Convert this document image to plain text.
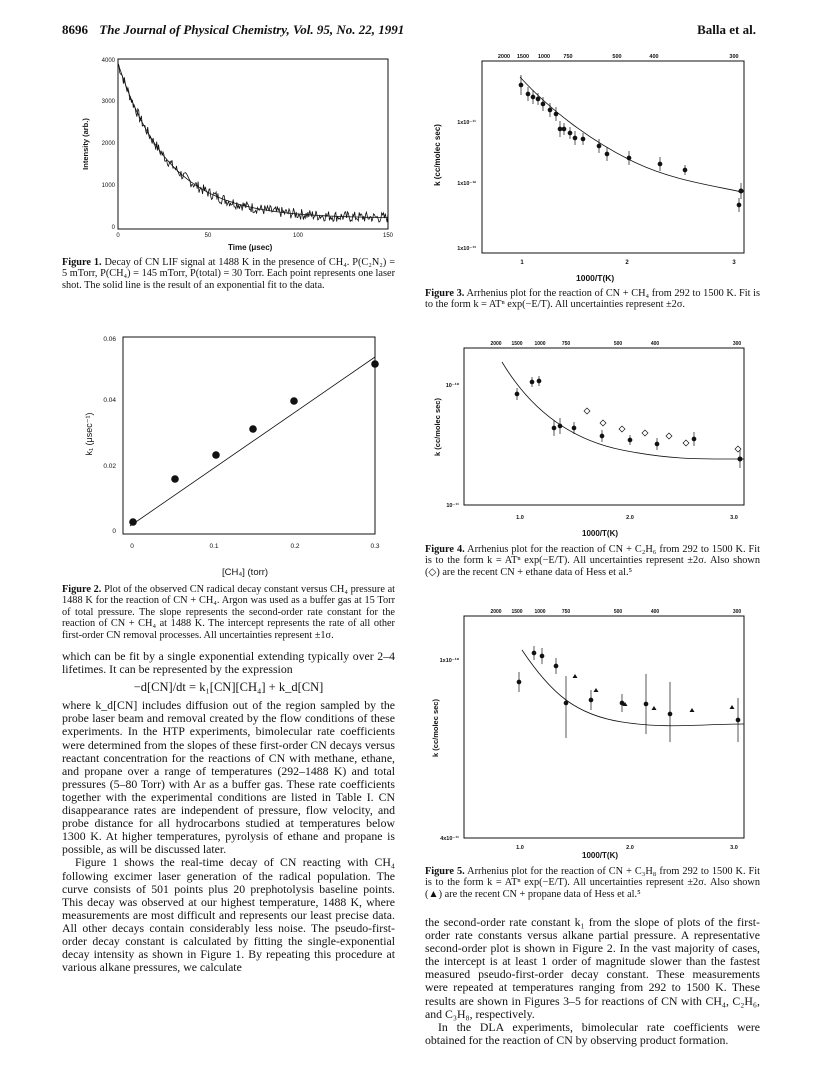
8696 The Journal of Physical Chemistry, Vol. 95, No. 22, 1991	Balla et al.
4000
3000
2000
1000
0
0	50	100	150
Intensity (arb.)
Time (μsec)
Figure 1. Decay of CN LIF signal at 1488 K in the presence of CH₄. P(C₂N₂) = 5 mTorr, P(CH₄) = 145 mTorr, P(total) = 30 Torr. Each point represents one laser shot. The solid line is the result of an exponential fit to the data.
0.06
0.04
0.02
0
0	0.1	0.2	0.3
k₁ (μsec⁻¹)
[CH₄] (torr)
Figure 2. Plot of the observed CN radical decay constant versus CH₄ pressure at 1488 K for the reaction of CN + CH₄. Argon was used as a buffer gas at 15 Torr of total pressure. The slope represents the second-order rate constant for the reaction of CN + CH₄ at 1488 K. The intercept represents the rate of all other first-order CN removal processes. All uncertainties represent ±1σ.
2000 1500 1000 750	500	400	300
1x10⁻¹¹
1x10⁻¹²
1x10⁻¹³
1	2	3
k (cc/molec sec)
1000/T(K)
Figure 3. Arrhenius plot for the reaction of CN + CH₄ from 292 to 1500 K. Fit is to the form k = ATⁿ exp(−E/T). All uncertainties represent ±2σ.
2000 1500 1000	750	500	400	300
10⁻¹⁰
10⁻¹¹
1.0	2.0	3.0
k (cc/molec sec)
1000/T(K)
Figure 4. Arrhenius plot for the reaction of CN + C₂H₆ from 292 to 1500 K. Fit is to the form k = ATⁿ exp(−E/T). All uncertainties represent ±2σ. Also shown (◇) are the recent CN + ethane data of Hess et al.⁵
2000 1500 1000	750	500	400	300
1x10⁻¹⁰
4x10⁻¹¹
1.0	2.0	3.0
k (cc/molec sec)
1000/T(K)
Figure 5. Arrhenius plot for the reaction of CN + C₃H₈ from 292 to 1500 K. Fit is to the form k = ATⁿ exp(−E/T). All uncertainties represent ±2σ. Also shown (▲) are the recent CN + propane data of Hess et al.⁵

which can be fit by a single exponential extending typically over 2–4 lifetimes. It can be represented by the expression

−d[CN]/dt = k₁[CN][CH₄] + k_d[CN]

where k_d[CN] includes diffusion out of the region sampled by the probe laser beam and removal created by the flow conditions of these experiments. In the HTP experiments, bimolecular rate coefficients were determined from the slopes of these first-order CN decays versus reactant concentration for the reactions of CN with methane, ethane, and propane over a range of temperatures (292–1488 K) and total pressures (5–80 Torr) with Ar as a buffer gas. These rate coefficients together with the experimental conditions are listed in Table I. CN disappearance rates are independent of pressure, flow velocity, and probe distance for all hydrocarbons studied at temperatures below 1300 K. At higher temperatures, pyrolysis of ethane and propane is possible, as will be discussed later.

Figure 1 shows the real-time decay of CN reacting with CH₄ following excimer laser generation of the radical population. The curve consists of 501 points plus 20 prephotolysis baseline points. This decay was observed at our highest temperature, 1488 K, where measurements are most difficult and represents our least precise data. All other decays contain considerably less noise. The pseudo-first-order decay constant is calculated by fitting the single-exponential decay intensity as shown in Figure 1. By repeating this procedure at various alkane pressures, we calculate

the second-order rate constant k₁ from the slope of plots of the first-order rate constants versus alkane partial pressure. A representative second-order plot is shown in Figure 2. In the vast majority of cases, the intercept is at least 1 order of magnitude slower than the fastest measured pseudo-first-order decay constant. These measurements were repeated at temperatures ranging from 292 to 1500 K. These results are shown in Figures 3–5 for reactions of CN with CH₄, C₂H₆, and C₃H₈, respectively.

In the DLA experiments, bimolecular rate coefficients were obtained for the reaction of CN by observing product formation.
